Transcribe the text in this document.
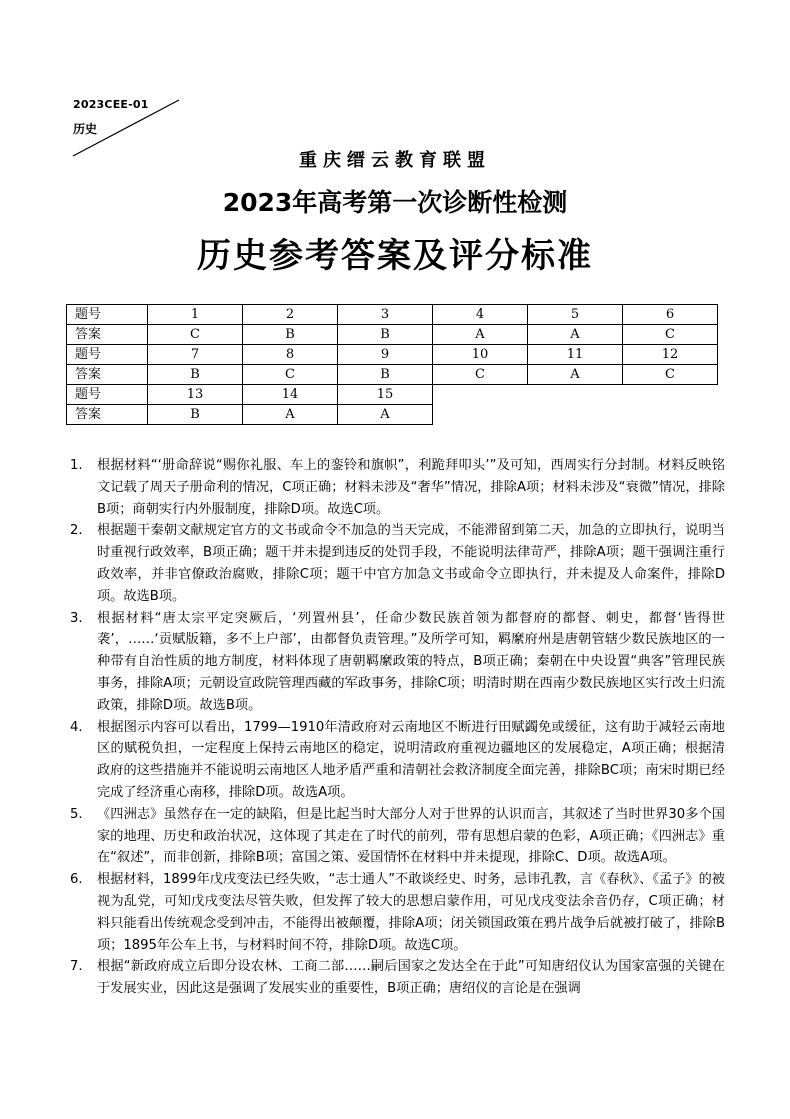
2023CEE-01
历史
重庆缙云教育联盟
2023年高考第一次诊断性检测
历史参考答案及评分标准
题号	1	2	3	4	5	6
答案	C	B	B	A	A	C
题号	7	8	9	10	11	12
答案	B	C	B	C	A	C
题号	13	14	15			
答案	B	A	A			
1. 根据材料“‘册命辞说“赐你礼服、车上的銮铃和旗帜”，利跪拜叩头’”及可知，西周实行分封制。材料反映铭文记载了周天子册命利的情况，C项正确；材料未涉及“奢华”情况，排除A项；材料未涉及“衰微”情况，排除B项；商朝实行内外服制度，排除D项。故选C项。
2. 根据题干秦朝文献规定官方的文书或命令不加急的当天完成，不能滞留到第二天，加急的立即执行，说明当时重视行政效率，B项正确；题干并未提到违反的处罚手段，不能说明法律苛严，排除A项；题干强调注重行政效率，并非官僚政治腐败，排除C项；题干中官方加急文书或命令立即执行，并未提及人命案件，排除D项。故选B项。
3. 根据材料“唐太宗平定突厥后，‘列置州县’，任命少数民族首领为都督府的都督、刺史，都督‘皆得世袭’，……‘贡赋版籍，多不上户部’，由都督负责管理。”及所学可知，羁縻府州是唐朝管辖少数民族地区的一种带有自治性质的地方制度，材料体现了唐朝羁縻政策的特点，B项正确；秦朝在中央设置“典客”管理民族事务，排除A项；元朝设宣政院管理西藏的军政事务，排除C项；明清时期在西南少数民族地区实行改土归流政策，排除D项。故选B项。
4. 根据图示内容可以看出，1799—1910年清政府对云南地区不断进行田赋蠲免或缓征，这有助于减轻云南地区的赋税负担，一定程度上保持云南地区的稳定，说明清政府重视边疆地区的发展稳定，A项正确；根据清政府的这些措施并不能说明云南地区人地矛盾严重和清朝社会救济制度全面完善，排除BC项；南宋时期已经完成了经济重心南移，排除D项。故选A项。
5. 《四洲志》虽然存在一定的缺陷，但是比起当时大部分人对于世界的认识而言，其叙述了当时世界30多个国家的地理、历史和政治状况，这体现了其走在了时代的前列，带有思想启蒙的色彩，A项正确；《四洲志》重在“叙述”，而非创新，排除B项；富国之策、爱国情怀在材料中并未提现，排除C、D项。故选A项。
6. 根据材料，1899年戊戌变法已经失败，“志士通人”不敢谈经史、时务，忌讳孔教，言《春秋》、《孟子》的被视为乱党，可知戊戌变法尽管失败，但发挥了较大的思想启蒙作用，可见戊戌变法余音仍存，C项正确；材料只能看出传统观念受到冲击，不能得出被颠覆，排除A项；闭关锁国政策在鸦片战争后就被打破了，排除B项；1895年公车上书，与材料时间不符，排除D项。故选C项。
7. 根据“新政府成立后即分设农林、工商二部……嗣后国家之发达全在于此”可知唐绍仪认为国家富强的关键在于发展实业，因此这是强调了发展实业的重要性，B项正确；唐绍仪的言论是在强调
